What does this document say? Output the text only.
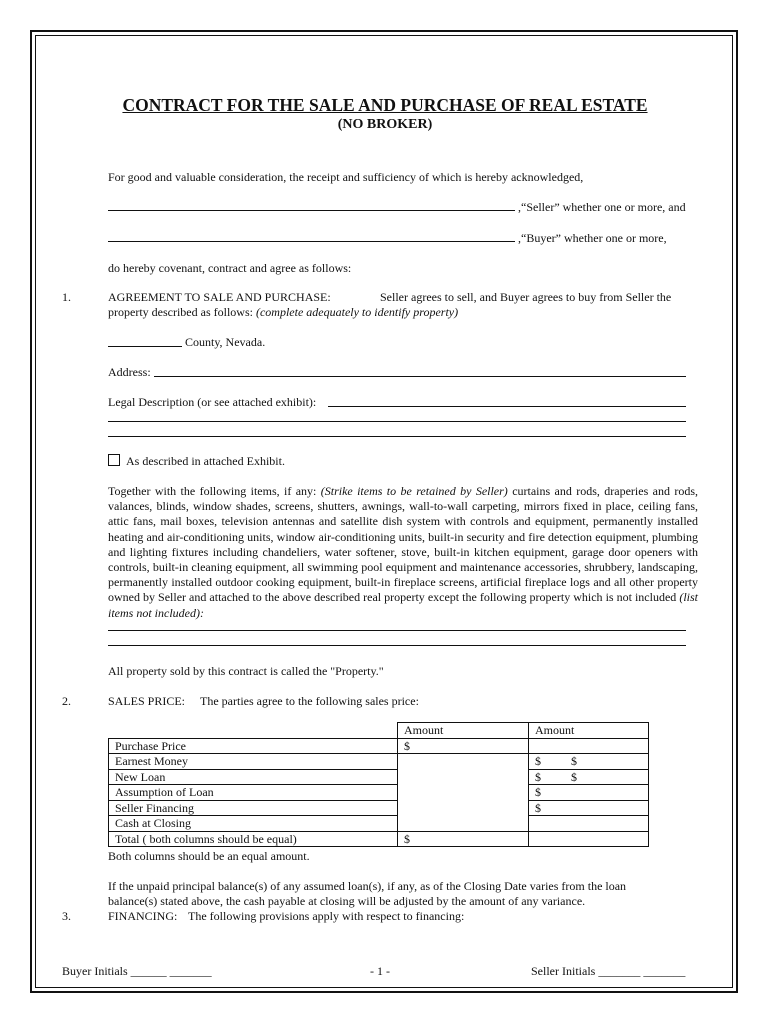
CONTRACT FOR THE SALE AND PURCHASE OF REAL ESTATE
(NO BROKER)
For good and valuable consideration, the receipt and sufficiency of which is hereby acknowledged,
,“Seller” whether one or more, and
,“Buyer” whether one or more,
do hereby covenant, contract and agree as follows:
1.	AGREEMENT TO SALE AND PURCHASE:	Seller agrees to sell, and Buyer agrees to buy from Seller the
property described as follows: (complete adequately to identify property)
County, Nevada.
Address:
Legal Description (or see attached exhibit):
As described in attached Exhibit.
Together with the following items, if any: (Strike items to be retained by Seller) curtains and rods, draperies and rods, valances, blinds, window shades, screens, shutters, awnings, wall-to-wall carpeting, mirrors fixed in place, ceiling fans, attic fans, mail boxes, television antennas and satellite dish system with controls and equipment, permanently installed heating and air-conditioning units, window air-conditioning units, built-in security and fire detection equipment, plumbing and lighting fixtures including chandeliers, water softener, stove, built-in kitchen equipment, garage door openers with controls, built-in cleaning equipment, all swimming pool equipment and maintenance accessories, shrubbery, landscaping, permanently installed outdoor cooking equipment, built-in fireplace screens, artificial fireplace logs and all other property owned by Seller and attached to the above described real property except the following property which is not included (list items not included):
All property sold by this contract is called the "Property."
2.	SALES PRICE: The parties agree to the following sales price:
	Amount	Amount
Purchase Price	$	
Earnest Money		$ $
New Loan		$ $
Assumption of Loan		$
Seller Financing		$
Cash at Closing		
Total ( both columns should be equal)	$	
Both columns should be an equal amount.
If the unpaid principal balance(s) of any assumed loan(s), if any, as of the Closing Date varies from the loan
balance(s) stated above, the cash payable at closing will be adjusted by the amount of any variance.
3.	FINANCING: The following provisions apply with respect to financing:
Buyer Initials ______ _______	- 1 -	Seller Initials _______ _______
